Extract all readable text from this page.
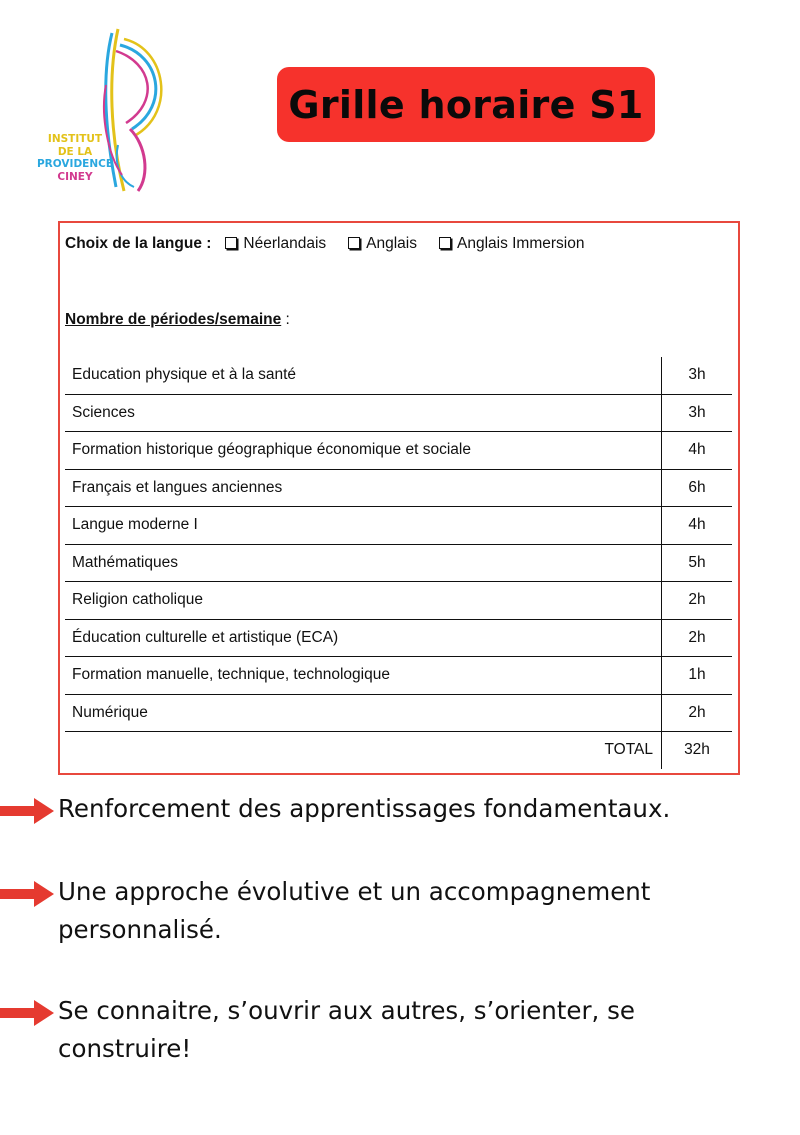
INSTITUT
DE LA
PROVIDENCE
CINEY
Grille horaire S1
Choix de la langue : Néerlandais	Anglais	Anglais Immersion
Nombre de périodes/semaine :
Education physique et à la santé	3h
Sciences	3h
Formation historique géographique économique et sociale	4h
Français et langues anciennes	6h
Langue moderne I	4h
Mathématiques	5h
Religion catholique	2h
Éducation culturelle et artistique (ECA)	2h
Formation manuelle, technique, technologique	1h
Numérique	2h
TOTAL	32h
Renforcement des apprentissages fondamentaux.
Une approche évolutive et un accompagnement personnalisé.
Se connaitre, s’ouvrir aux autres, s’orienter, se construire!
